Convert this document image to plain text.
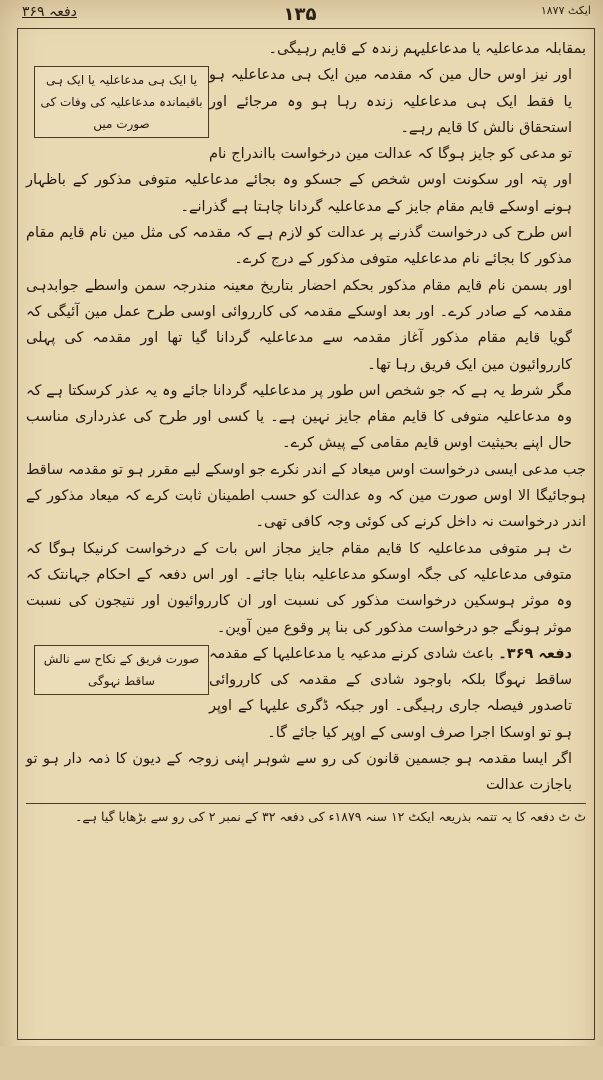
دفعہ ۳۶۹	۱۳۵	ایکٹ ۱۸۷۷

بمقابلہ مدعاعلیہ یا مدعاعلیہم زندہ کے قایم رہیگی۔

یا ایک ہی مدعاعلیہ یا ایک ہی باقیماندہ مدعاعلیہ کی وفات کی صورت میں

اور نیز اوس حال مین کہ مقدمہ مین ایک ہی مدعاعلیہ ہو یا فقط ایک ہی مدعاعلیہ زندہ رہا ہو وہ مرجائے اور استحقاق نالش کا قایم رہے۔

تو مدعی کو جایز ہوگا کہ عدالت مین درخواست بااندراج نام اور پتہ اور سکونت اوس شخص کے جسکو وہ بجائے مدعاعلیہ متوفی مذکور کے باظہار ہونے اوسکے قایم مقام جایز کے مدعاعلیہ گردانا چاہتا ہے گذرانے۔

اس طرح کی درخواست گذرنے پر عدالت کو لازم ہے کہ مقدمہ کی مثل مین نام قایم مقام مذکور کا بجائے نام مدعاعلیہ متوفی مذکور کے درج کرے۔

اور بسمن نام قایم مقام مذکور بحکم احضار بتاریخ معینہ مندرجہ سمن واسطے جوابدہی مقدمہ کے صادر کرے۔ اور بعد اوسکے مقدمہ کی کارروائی اوسی طرح عمل مین آئیگی کہ گویا قایم مقام مذکور آغاز مقدمہ سے مدعاعلیہ گردانا گیا تھا اور مقدمہ کی پہلی کارروائیون مین ایک فریق رہا تھا۔

مگر شرط یہ ہے کہ جو شخص اس طور پر مدعاعلیہ گردانا جائے وہ یہ عذر کرسکتا ہے کہ وہ مدعاعلیہ متوفی کا قایم مقام جایز نہین ہے۔ یا کسی اور طرح کی عذرداری مناسب حال اپنے بحیثیت اوس قایم مقامی کے پیش کرے۔

جب مدعی ایسی درخواست اوس میعاد کے اندر نکرے جو اوسکے لیے مقرر ہو تو مقدمہ ساقط ہوجائیگا الا اوس صورت مین کہ وہ عدالت کو حسب اطمینان ثابت کرے کہ میعاد مذکور کے اندر درخواست نہ داخل کرنے کی کوئی وجہ کافی تھی۔

ٹ ہر متوفی مدعاعلیہ کا قایم مقام جایز مجاز اس بات کے درخواست کرنیکا ہوگا کہ متوفی مدعاعلیہ کی جگہ اوسکو مدعاعلیہ بنایا جائے۔ اور اس دفعہ کے احکام جہانتک کہ وہ موثر ہوسکین درخواست مذکور کی نسبت اور ان کارروائیون اور نتیجون کی نسبت موثر ہونگے جو درخواست مذکور کی بنا پر وقوع مین آوین۔

صورت فریق کے نکاح سے نالش ساقط نہوگی

دفعہ ۳۶۹۔ باعث شادی کرنے مدعیہ یا مدعاعلیہا کے مقدمہ ساقط نہوگا بلکہ باوجود شادی کے مقدمہ کی کارروائی تاصدور فیصلہ جاری رہیگی۔ اور جبکہ ڈگری علیہا کے اوپر ہو تو اوسکا اجرا صرف اوسی کے اوپر کیا جائے گا۔

اگر ایسا مقدمہ ہو جسمین قانون کی رو سے شوہر اپنی زوجہ کے دیون کا ذمہ دار ہو تو باجازت عدالت

ٹ ٹ دفعہ کا یہ تتمہ بذریعہ ایکٹ ۱۲ سنہ ۱۸۷۹ء کی دفعہ ۳۲ کے نمبر ۲ کی رو سے بڑھایا گیا ہے۔
